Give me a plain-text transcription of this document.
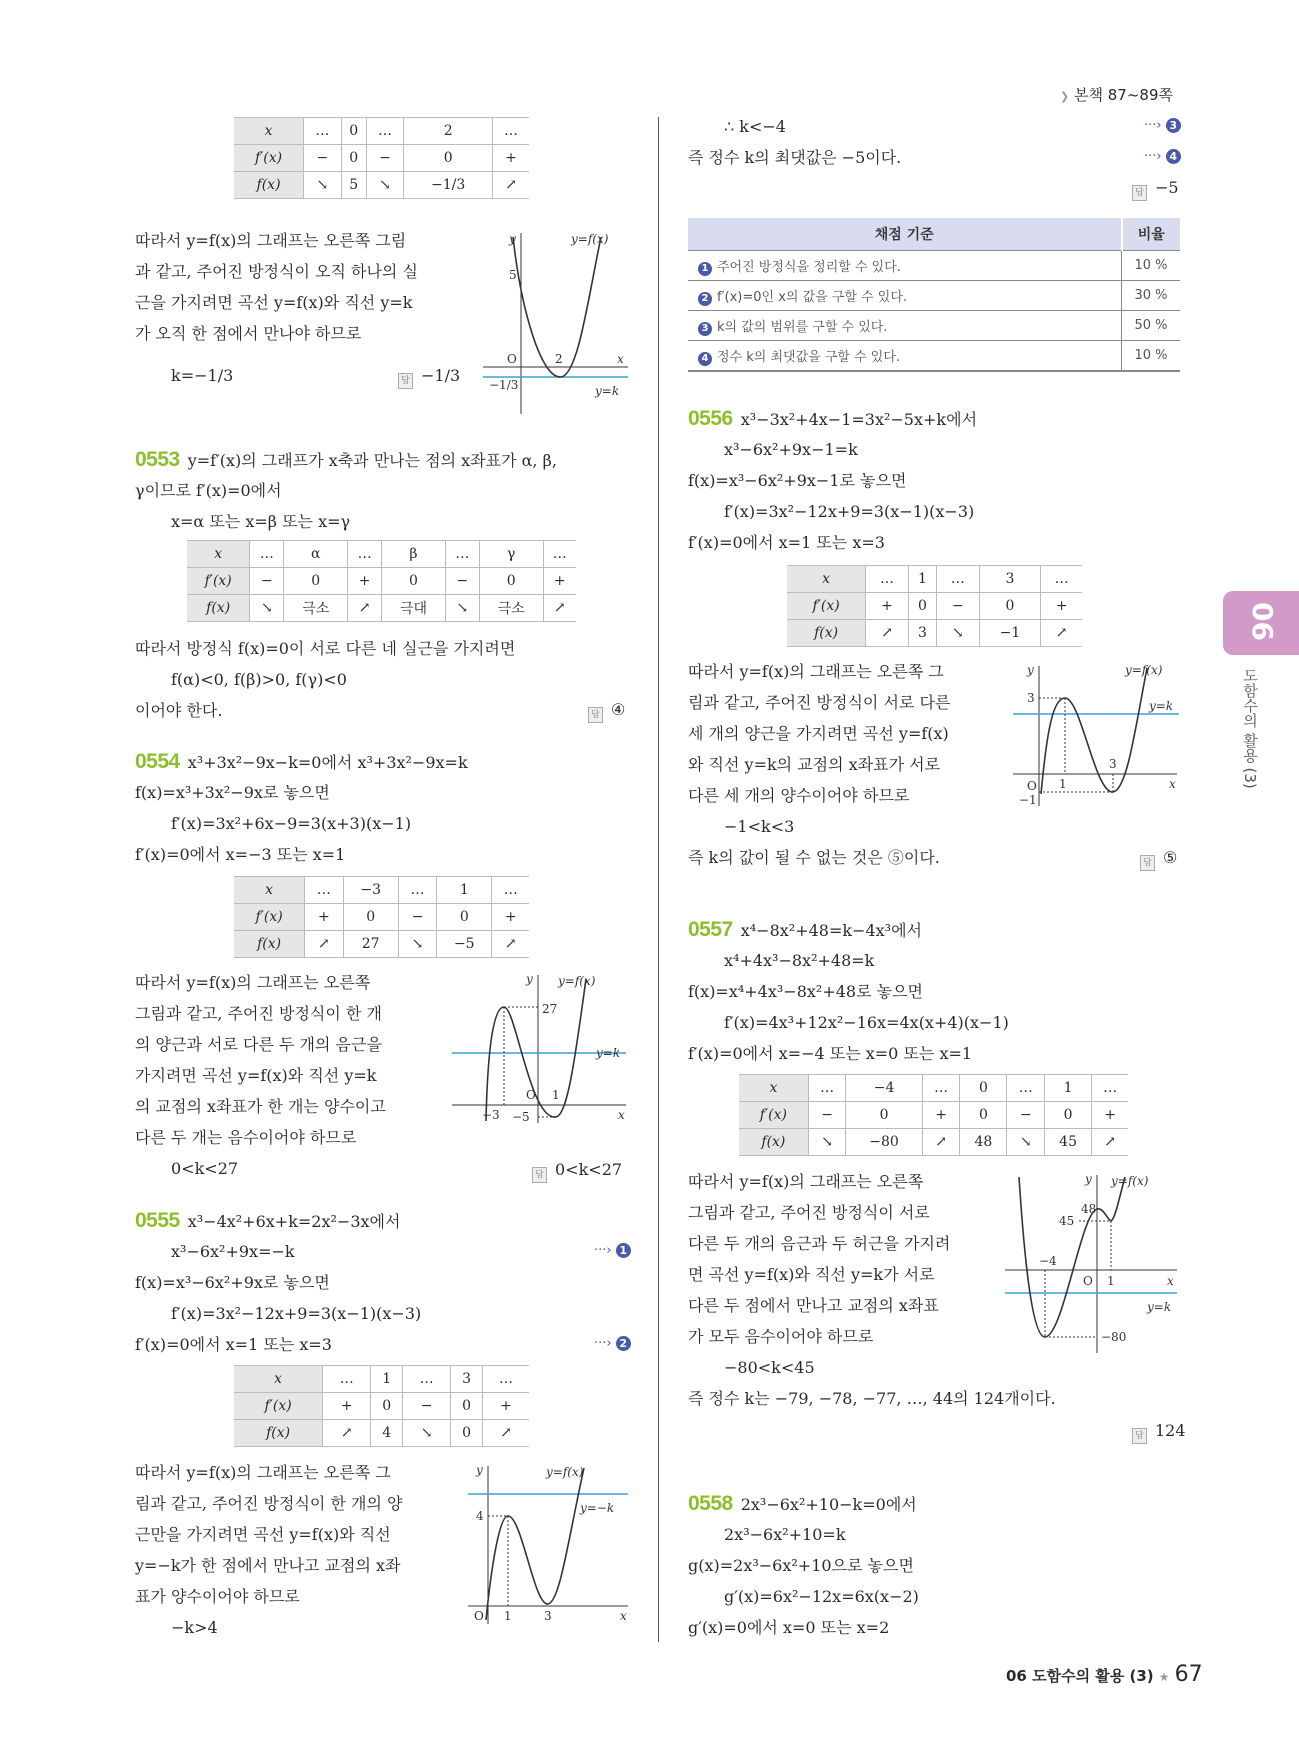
❯ 본책 87~89쪽
06
도함수의 활용 (3)
x	…	0	…	2	…
f′(x)	−	0	−	0	+
f(x)	↘	5	↘	−1/3	↗
따라서 y=f(x)의 그래프는 오른쪽 그림
과 같고, 주어진 방정식이 오직 하나의 실
근을 가지려면 곡선 y=f(x)와 직선 y=k
가 오직 한 점에서 만나야 하므로
k=−1/3	답 −1/3
y	y=f(x)
5
O	2	x
−1/3	y=k
0553 y=f′(x)의 그래프가 x축과 만나는 점의 x좌표가 α, β,
γ이므로 f′(x)=0에서
x=α 또는 x=β 또는 x=γ
x	…	α	…	β	…	γ	…
f′(x)	−	0	+	0	−	0	+
f(x)	↘	극소	↗	극대	↘	극소	↗
따라서 방정식 f(x)=0이 서로 다른 네 실근을 가지려면
f(α)<0, f(β)>0, f(γ)<0
이어야 한다.	답 ④
0554 x³+3x²−9x−k=0에서 x³+3x²−9x=k
f(x)=x³+3x²−9x로 놓으면
f′(x)=3x²+6x−9=3(x+3)(x−1)
f′(x)=0에서 x=−3 또는 x=1
x	…	−3	…	1	…
f′(x)	+	0	−	0	+
f(x)	↗	27	↘	−5	↗
따라서 y=f(x)의 그래프는 오른쪽
그림과 같고, 주어진 방정식이 한 개
의 양근과 서로 다른 두 개의 음근을
가지려면 곡선 y=f(x)와 직선 y=k
의 교점의 x좌표가 한 개는 양수이고
다른 두 개는 음수이어야 하므로
0<k<27	답 0<k<27
y y=f(x)
27
y=k
O 1
−3 −5	x
0555 x³−4x²+6x+k=2x²−3x에서
x³−6x²+9x=−k
f(x)=x³−6x²+9x로 놓으면
f′(x)=3x²−12x+9=3(x−1)(x−3)
f′(x)=0에서 x=1 또는 x=3
···› 1
···› 2
x	…	1	…	3	…
f′(x)	+	0	−	0	+
f(x)	↗	4	↘	0	↗
따라서 y=f(x)의 그래프는 오른쪽 그
림과 같고, 주어진 방정식이 한 개의 양
근만을 가지려면 곡선 y=f(x)와 직선
y=−k가 한 점에서 만나고 교점의 x좌
표가 양수이어야 하므로
−k>4
y	y=f(x)
y=−k
4
O 1	3	x
∴ k<−4
즉 정수 k의 최댓값은 −5이다.
···› 3
···› 4
답 −5
채점 기준	비율
1 주어진 방정식을 정리할 수 있다.	10 %
2 f′(x)=0인 x의 값을 구할 수 있다.	30 %
3 k의 값의 범위를 구할 수 있다.	50 %
4 정수 k의 최댓값을 구할 수 있다.	10 %
0556 x³−3x²+4x−1=3x²−5x+k에서
x³−6x²+9x−1=k
f(x)=x³−6x²+9x−1로 놓으면
f′(x)=3x²−12x+9=3(x−1)(x−3)
f′(x)=0에서 x=1 또는 x=3
x	…	1	…	3	…
f′(x)	+	0	−	0	+
f(x)	↗	3	↘	−1	↗
따라서 y=f(x)의 그래프는 오른쪽 그
림과 같고, 주어진 방정식이 서로 다른
세 개의 양근을 가지려면 곡선 y=f(x)
와 직선 y=k의 교점의 x좌표가 서로
다른 세 개의 양수이어야 하므로
−1<k<3
즉 k의 값이 될 수 없는 것은 ⑤이다.	답 ⑤
y	y=f(x)
3
y=k
O 1
3
−1
x
0557 x⁴−8x²+48=k−4x³에서
x⁴+4x³−8x²+48=k
f(x)=x⁴+4x³−8x²+48로 놓으면
f′(x)=4x³+12x²−16x=4x(x+4)(x−1)
f′(x)=0에서 x=−4 또는 x=0 또는 x=1
x	…	−4	…	0	…	1	…
f′(x)	−	0	+	0	−	0	+
f(x)	↘	−80	↗	48	↘	45	↗
따라서 y=f(x)의 그래프는 오른쪽
그림과 같고, 주어진 방정식이 서로
다른 두 개의 음근과 두 허근을 가지려
면 곡선 y=f(x)와 직선 y=k가 서로
다른 두 점에서 만나고 교점의 x좌표
가 모두 음수이어야 하므로
−80<k<45
즉 정수 k는 −79, −78, −77, …, 44의 124개이다.
답 124
y y=f(x)
45
48
−4
O 1	x
y=k
−80
0558 2x³−6x²+10−k=0에서
2x³−6x²+10=k
g(x)=2x³−6x²+10으로 놓으면
g′(x)=6x²−12x=6x(x−2)
g′(x)=0에서 x=0 또는 x=2
06 도함수의 활용 (3) ★ 67
